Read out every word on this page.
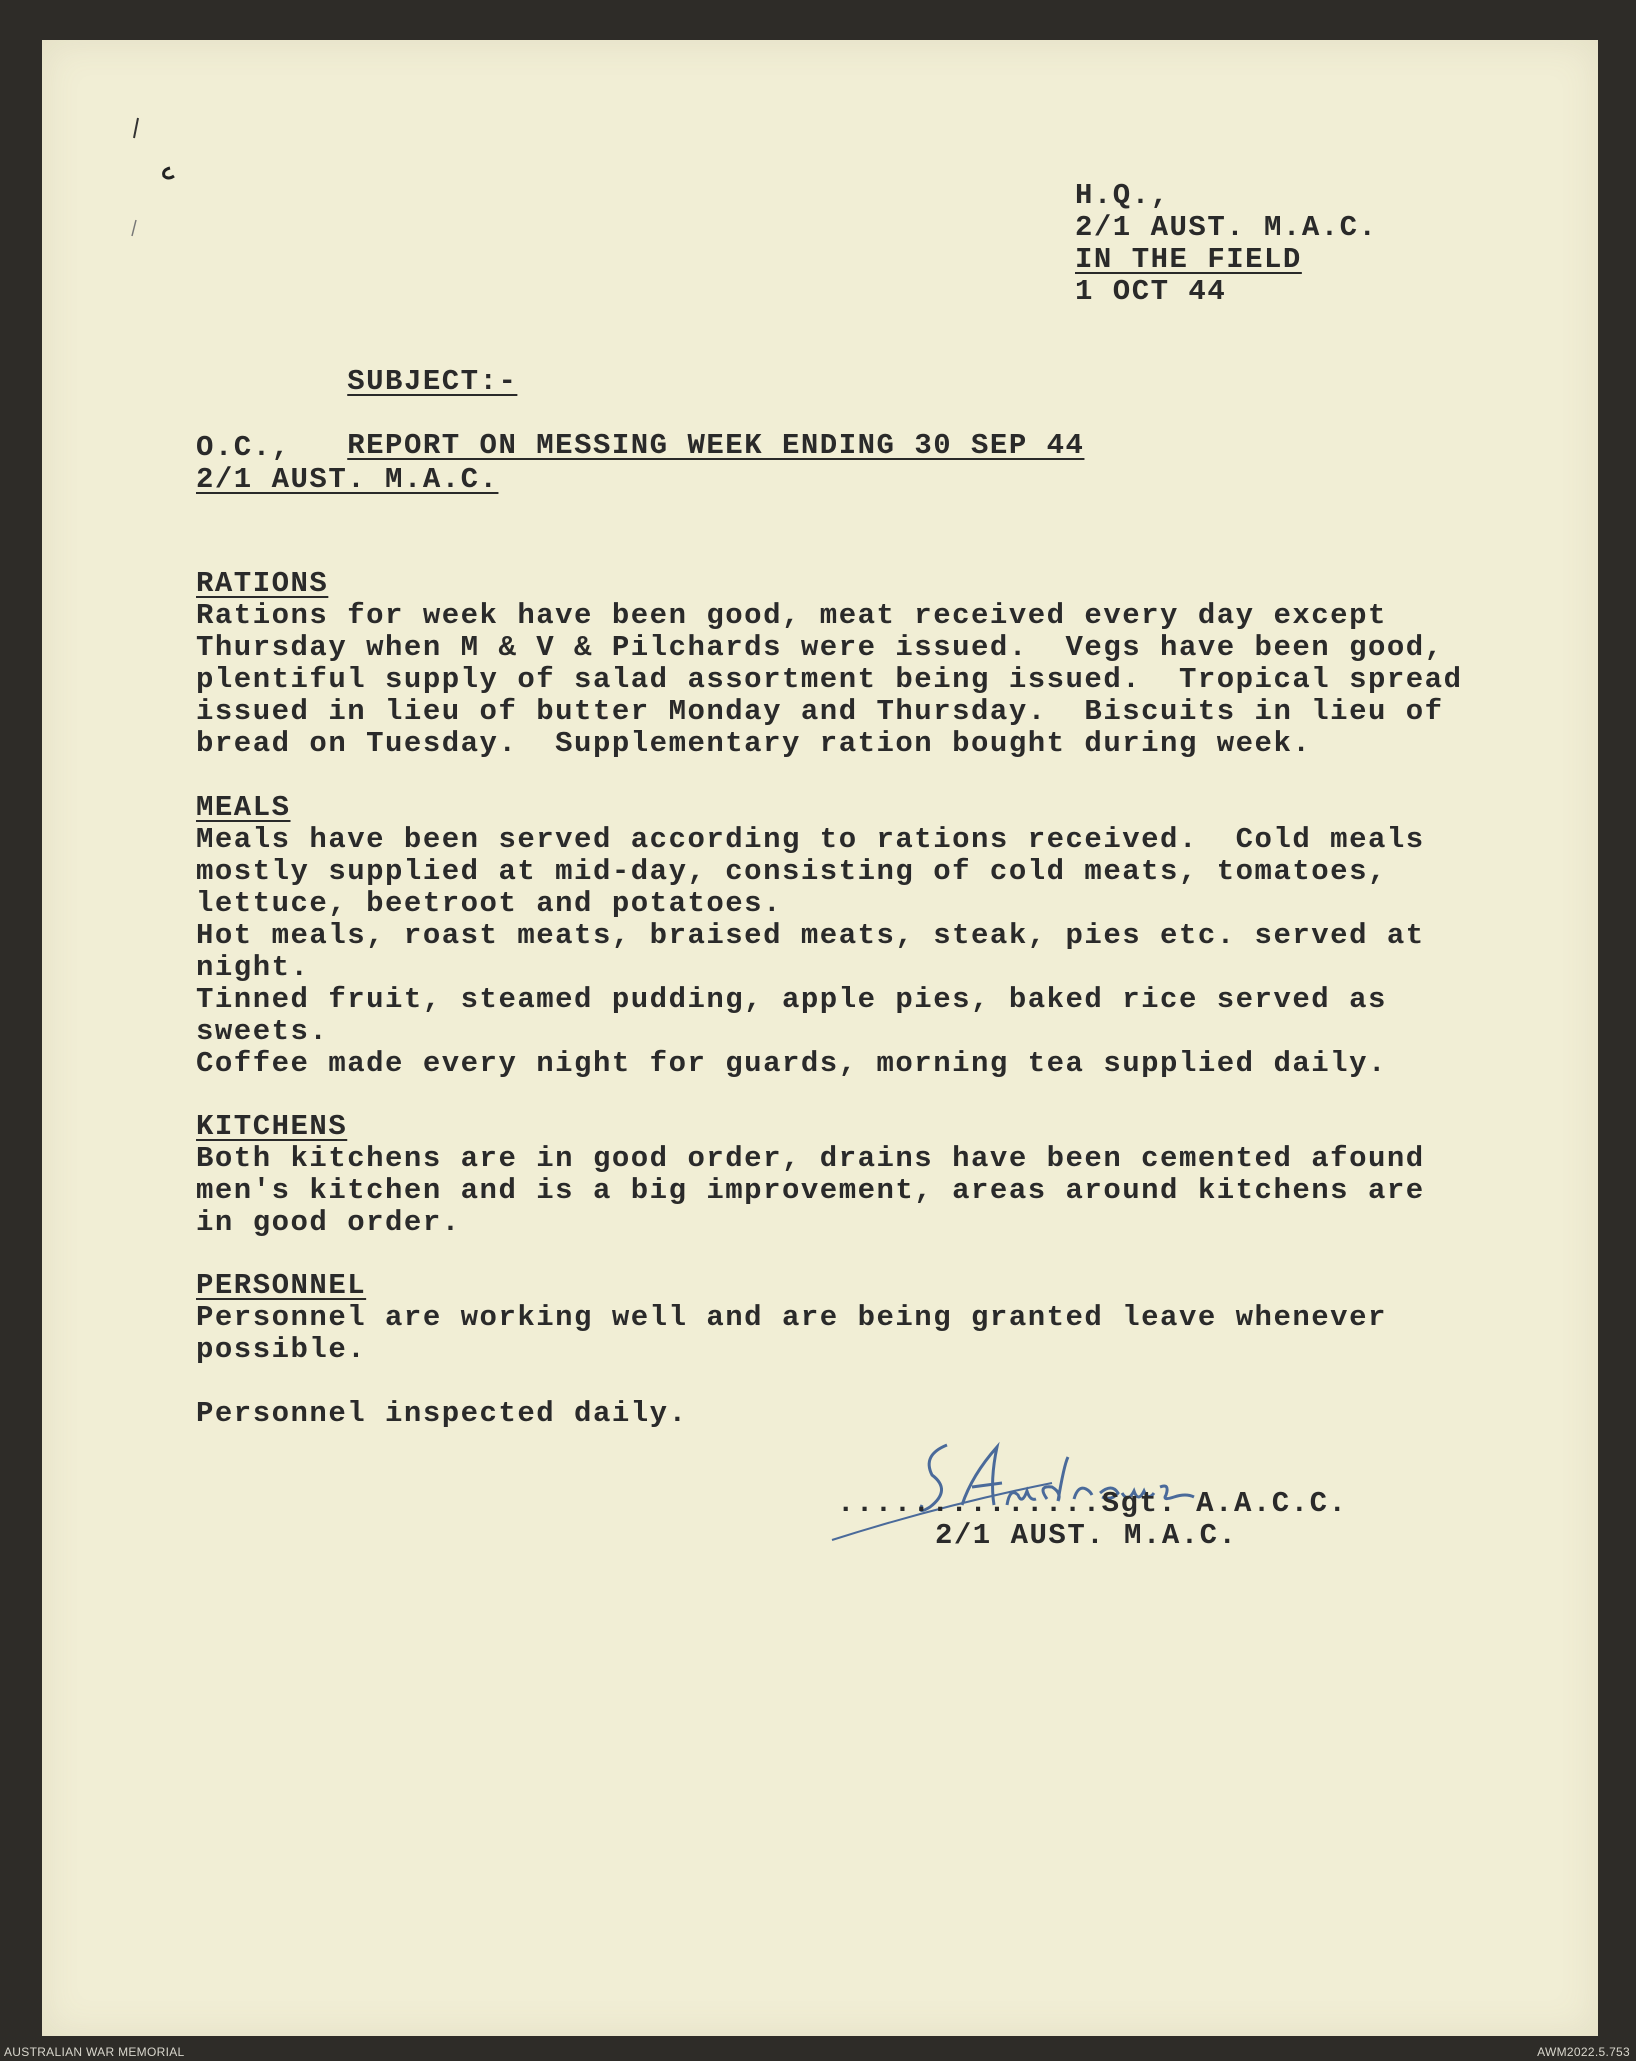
H.Q.,
2/1 AUST. M.A.C.
IN THE FIELD
1 OCT 44

SUBJECT:-

REPORT ON MESSING WEEK ENDING 30 SEP 44

O.C.,
2/1 AUST. M.A.C.
RATIONS
Rations for week have been good, meat received every day except
Thursday when M & V & Pilchards were issued.  Vegs have been good,
plentiful supply of salad assortment being issued.  Tropical spread
issued in lieu of butter Monday and Thursday.  Biscuits in lieu of
bread on Tuesday.  Supplementary ration bought during week.
MEALS
Meals have been served according to rations received.  Cold meals
mostly supplied at mid-day, consisting of cold meats, tomatoes,
lettuce, beetroot and potatoes.
Hot meals, roast meats, braised meats, steak, pies etc. served at
night.
Tinned fruit, steamed pudding, apple pies, baked rice served as
sweets.
Coffee made every night for guards, morning tea supplied daily.
KITCHENS
Both kitchens are in good order, drains have been cemented afound
men's kitchen and is a big improvement, areas around kitchens are
in good order.
PERSONNEL
Personnel are working well and are being granted leave whenever
possible.

Personnel inspected daily.
..............Sgt. A.A.C.C.
2/1 AUST. M.A.C.
AUSTRALIAN WAR MEMORIAL	AWM2022.5.753
